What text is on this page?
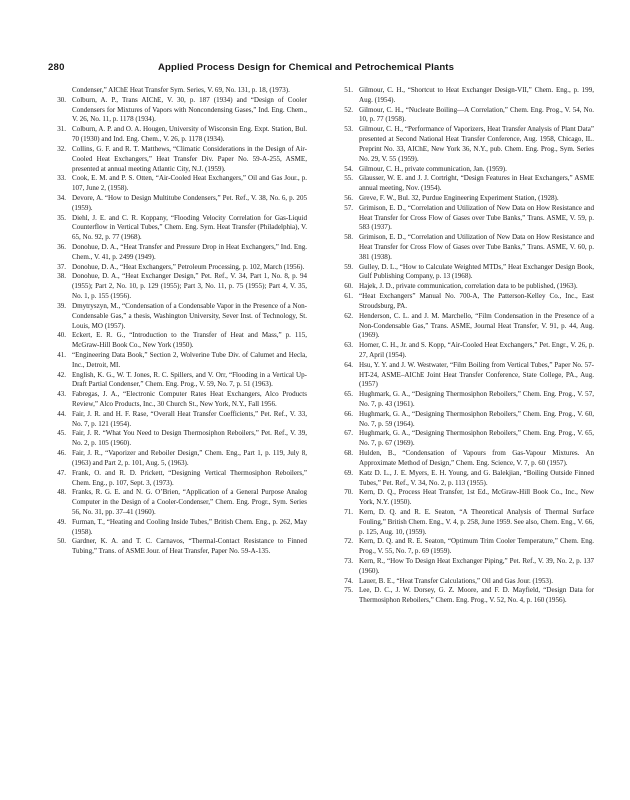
280	Applied Process Design for Chemical and Petrochemical Plants
Condenser,” AIChE Heat Transfer Sym. Series, V. 69, No. 131, p. 18, (1973).
30. Colburn, A. P., Trans AIChE, V. 30, p. 187 (1934) and “Design of Cooler Condensers for Mixtures of Vapors with Noncondensing Gases,” Ind. Eng. Chem., V. 26, No. 11, p. 1178 (1934).
31. Colburn, A. P. and O. A. Hougen, University of Wisconsin Eng. Expt. Station, Bul. 70 (1930) and Ind. Eng. Chem., V. 26, p. 1178 (1934).
32. Collins, G. F. and R. T. Matthews, “Climatic Considerations in the Design of Air-Cooled Heat Exchangers,” Heat Transfer Div. Paper No. 59-A-255, ASME, presented at annual meeting Atlantic City, N.J. (1959).
33. Cook, E. M. and P. S. Otten, “Air-Cooled Heat Exchangers,” Oil and Gas Jour., p. 107, June 2, (1958).
34. Devore, A. “How to Design Multitube Condensers,” Pet. Ref., V. 38, No. 6, p. 205 (1959).
35. Diehl, J. E. and C. R. Koppany, “Flooding Velocity Correlation for Gas-Liquid Counterflow in Vertical Tubes,” Chem. Eng. Sym. Heat Transfer (Philadelphia), V. 65, No. 92, p. 77 (1968).
36. Donohue, D. A., “Heat Transfer and Pressure Drop in Heat Exchangers,” Ind. Eng. Chem., V. 41, p. 2499 (1949).
37. Donohue, D. A., “Heat Exchangers,” Petroleum Processing, p. 102, March (1956).
38. Donohue, D. A., “Heat Exchanger Design,” Pet. Ref., V. 34, Part 1, No. 8, p. 94 (1955); Part 2, No. 10, p. 129 (1955); Part 3, No. 11, p. 75 (1955); Part 4, V. 35, No. 1, p. 155 (1956).
39. Dmytryszyn, M., “Condensation of a Condensable Vapor in the Presence of a Non-Condensable Gas,” a thesis, Washington University, Sever Inst. of Technology, St. Louis, MO (1957).
40. Eckert, E. R. G., “Introduction to the Transfer of Heat and Mass,” p. 115, McGraw-Hill Book Co., New York (1950).
41. “Engineering Data Book,” Section 2, Wolverine Tube Div. of Calumet and Hecla, Inc., Detroit, MI.
42. English, K. G., W. T. Jones, R. C. Spillers, and V. Orr, “Flooding in a Vertical Up-Draft Partial Condenser,” Chem. Eng. Prog., V. 59, No. 7, p. 51 (1963).
43. Fabregas, J. A., “Electronic Computer Rates Heat Exchangers, Alco Products Review,” Alco Products, Inc., 30 Church St., New York, N.Y., Fall 1956.
44. Fair, J. R. and H. F. Rase, “Overall Heat Transfer Coefficients,” Pet. Ref., V. 33, No. 7, p. 121 (1954).
45. Fair, J. R. “What You Need to Design Thermosiphon Reboilers,” Pet. Ref., V. 39, No. 2, p. 105 (1960).
46. Fair, J. R., “Vaporizer and Reboiler Design,” Chem. Eng., Part 1, p. 119, July 8, (1963) and Part 2, p. 101, Aug. 5, (1963).
47. Frank, O. and R. D. Prickett, “Designing Vertical Thermosiphon Reboilers,” Chem. Eng., p. 107, Sept. 3, (1973).
48. Franks, R. G. E. and N. G. O’Brien, “Application of a General Purpose Analog Computer in the Design of a Cooler-Condenser,” Chem. Eng. Progr., Sym. Series 56, No. 31, pp. 37–41 (1960).
49. Furman, T., “Heating and Cooling Inside Tubes,” British Chem. Eng., p. 262, May (1958).
50. Gardner, K. A. and T. C. Carnavos, “Thermal-Contact Resistance to Finned Tubing,” Trans. of ASME Jour. of Heat Transfer, Paper No. 59-A-135.
51. Gilmour, C. H., “Shortcut to Heat Exchanger Design-VII,” Chem. Eng., p. 199, Aug. (1954).
52. Gilmour, C. H., “Nucleate Boiling—A Correlation,” Chem. Eng. Prog., V. 54, No. 10, p. 77 (1958).
53. Gilmour, C. H., “Performance of Vaporizers, Heat Transfer Analysis of Plant Data” presented at Second National Heat Transfer Conference, Aug. 1958, Chicago, IL. Preprint No. 33, AIChE, New York 36, N.Y., pub. Chem. Eng. Prog., Sym. Series No. 29, V. 55 (1959).
54. Gilmour, C. H., private communication, Jan. (1959).
55. Glausser, W. E. and J. J. Cortright, “Design Features in Heat Exchangers,” ASME annual meeting, Nov. (1954).
56. Greve, F. W., Bul. 32, Purdue Engineering Experiment Station, (1928).
57. Grimison, E. D., “Correlation and Utilization of New Data on How Resistance and Heat Transfer for Cross Flow of Gases over Tube Banks,” Trans. ASME, V. 59, p. 583 (1937).
58. Grimison, E. D., “Correlation and Utilization of New Data on How Resistance and Heat Transfer for Cross Flow of Gases over Tube Banks,” Trans. ASME, V. 60, p. 381 (1938).
59. Gulley, D. L., “How to Calculate Weighted MTDs,” Heat Exchanger Design Book, Gulf Publishing Company, p. 13 (1968).
60. Hajek, J. D., private communication, correlation data to be published, (1963).
61. “Heat Exchangers” Manual No. 700-A, The Patterson-Kelley Co., Inc., East Stroudsburg, PA.
62. Henderson, C. L. and J. M. Marchello, “Film Condensation in the Presence of a Non-Condensable Gas,” Trans. ASME, Journal Heat Transfer, V. 91, p. 44, Aug. (1969).
63. Homer, C. H., Jr. and S. Kopp, “Air-Cooled Heat Exchangers,” Pet. Engr., V. 26, p. 27, April (1954).
64. Hsu, Y. Y. and J. W. Westwater, “Film Boiling from Vertical Tubes,” Paper No. 57-HT-24, ASME–AIChE Joint Heat Transfer Conference, State College, PA., Aug. (1957)
65. Hughmark, G. A., “Designing Thermosiphon Reboilers,” Chem. Eng. Prog., V. 57, No. 7, p. 43 (1961).
66. Hughmark, G. A., “Designing Thermosiphon Reboilers,” Chem. Eng. Prog., V. 60, No. 7, p. 59 (1964).
67. Hughmark, G. A., “Designing Thermosiphon Reboilers,” Chem. Eng. Prog., V. 65, No. 7, p. 67 (1969).
68. Hulden, B., “Condensation of Vapours from Gas-Vapour Mixtures. An Approximate Method of Design,” Chem. Eng. Science, V. 7, p. 60 (1957).
69. Katz D. L., J. E. Myers, E. H. Young, and G. Balekjian, “Boiling Outside Finned Tubes,” Pet. Ref., V. 34, No. 2, p. 113 (1955).
70. Kern, D. Q., Process Heat Transfer, 1st Ed., McGraw-Hill Book Co., Inc., New York, N.Y. (1950).
71. Kern, D. Q. and R. E. Seaton, “A Theoretical Analysis of Thermal Surface Fouling,” British Chem. Eng., V. 4, p. 258, June 1959. See also, Chem. Eng., V. 66, p. 125, Aug. 10, (1959).
72. Kern, D. Q. and R. E. Seaton, “Optimum Trim Cooler Temperature,” Chem. Eng. Prog., V. 55, No. 7, p. 69 (1959).
73. Kern, R., “How To Design Heat Exchanger Piping,” Pet. Ref., V. 39, No. 2, p. 137 (1960).
74. Lauer, B. E., “Heat Transfer Calculations,” Oil and Gas Jour. (1953).
75. Lee, D. C., J. W. Dorsey, G. Z. Moore, and F. D. Mayfield, “Design Data for Thermosiphon Reboilers,” Chem. Eng. Prog., V. 52, No. 4, p. 160 (1956).
